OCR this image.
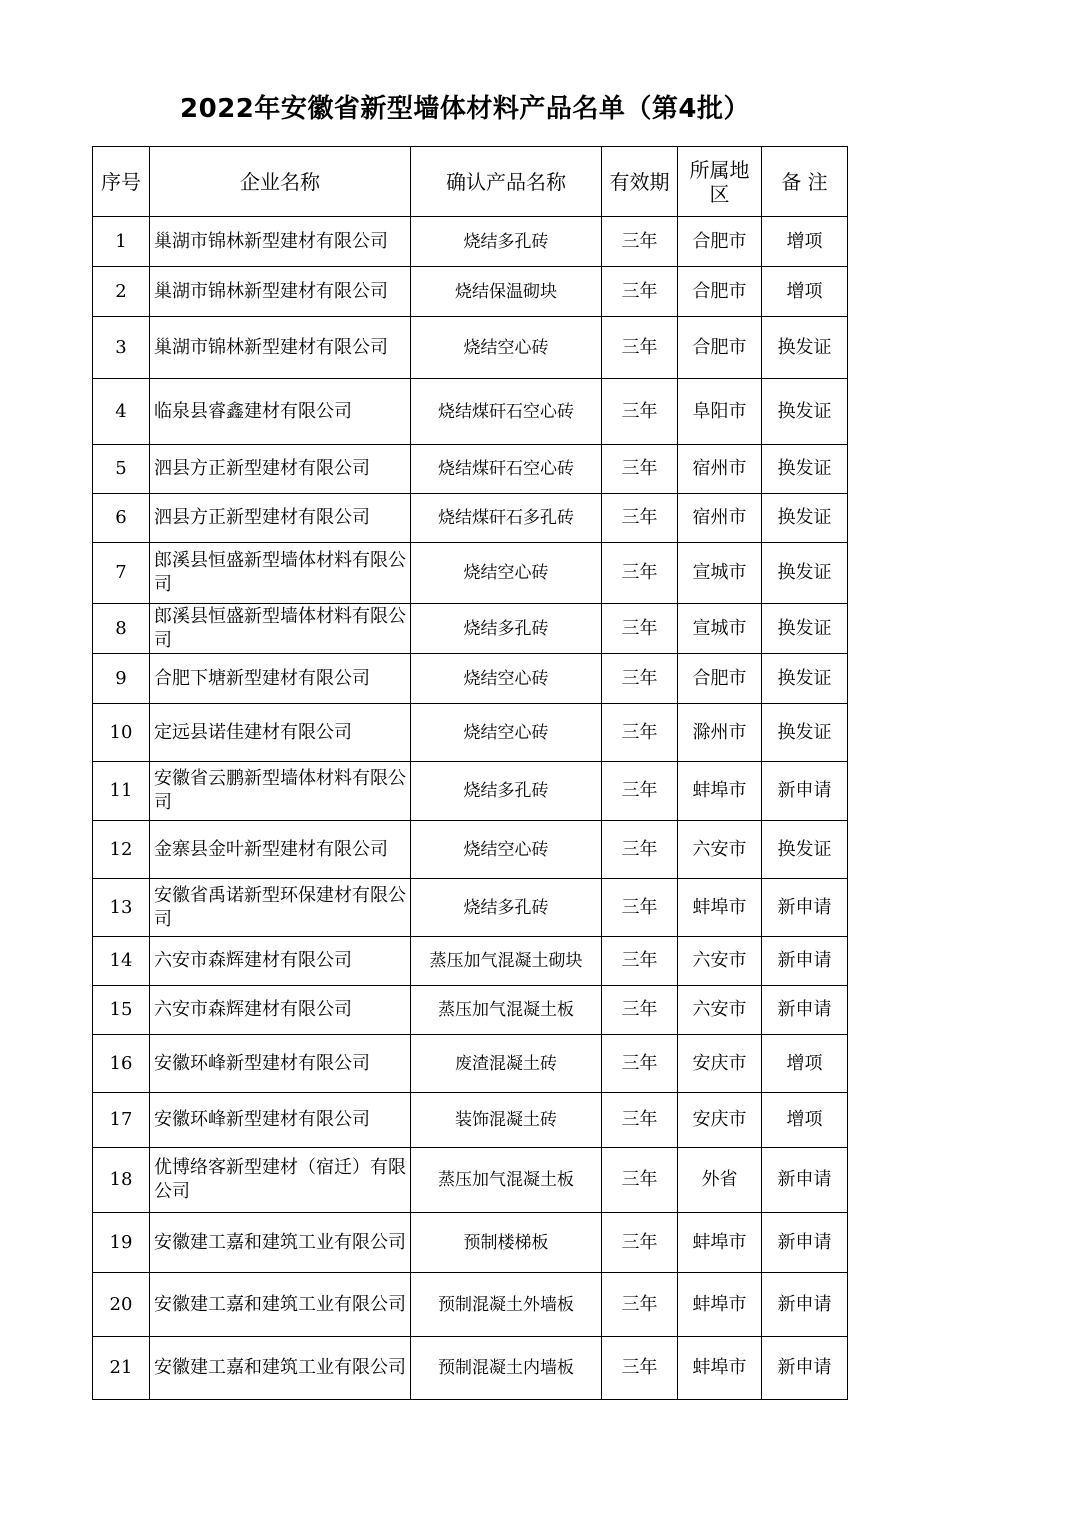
2022年安徽省新型墙体材料产品名单（第4批）
序号	企业名称	确认产品名称	有效期	所属地区	备 注
1	巢湖市锦林新型建材有限公司	烧结多孔砖	三年	合肥市	增项
2	巢湖市锦林新型建材有限公司	烧结保温砌块	三年	合肥市	增项
3	巢湖市锦林新型建材有限公司	烧结空心砖	三年	合肥市	换发证
4	临泉县睿鑫建材有限公司	烧结煤矸石空心砖	三年	阜阳市	换发证
5	泗县方正新型建材有限公司	烧结煤矸石空心砖	三年	宿州市	换发证
6	泗县方正新型建材有限公司	烧结煤矸石多孔砖	三年	宿州市	换发证
7	郎溪县恒盛新型墙体材料有限公司	烧结空心砖	三年	宣城市	换发证
8	郎溪县恒盛新型墙体材料有限公司	烧结多孔砖	三年	宣城市	换发证
9	合肥下塘新型建材有限公司	烧结空心砖	三年	合肥市	换发证
10	定远县诺佳建材有限公司	烧结空心砖	三年	滁州市	换发证
11	安徽省云鹏新型墙体材料有限公司	烧结多孔砖	三年	蚌埠市	新申请
12	金寨县金叶新型建材有限公司	烧结空心砖	三年	六安市	换发证
13	安徽省禹诺新型环保建材有限公司	烧结多孔砖	三年	蚌埠市	新申请
14	六安市森辉建材有限公司	蒸压加气混凝土砌块	三年	六安市	新申请
15	六安市森辉建材有限公司	蒸压加气混凝土板	三年	六安市	新申请
16	安徽环峰新型建材有限公司	废渣混凝土砖	三年	安庆市	增项
17	安徽环峰新型建材有限公司	装饰混凝土砖	三年	安庆市	增项
18	优博络客新型建材（宿迁）有限公司	蒸压加气混凝土板	三年	外省	新申请
19	安徽建工嘉和建筑工业有限公司	预制楼梯板	三年	蚌埠市	新申请
20	安徽建工嘉和建筑工业有限公司	预制混凝土外墙板	三年	蚌埠市	新申请
21	安徽建工嘉和建筑工业有限公司	预制混凝土内墙板	三年	蚌埠市	新申请
